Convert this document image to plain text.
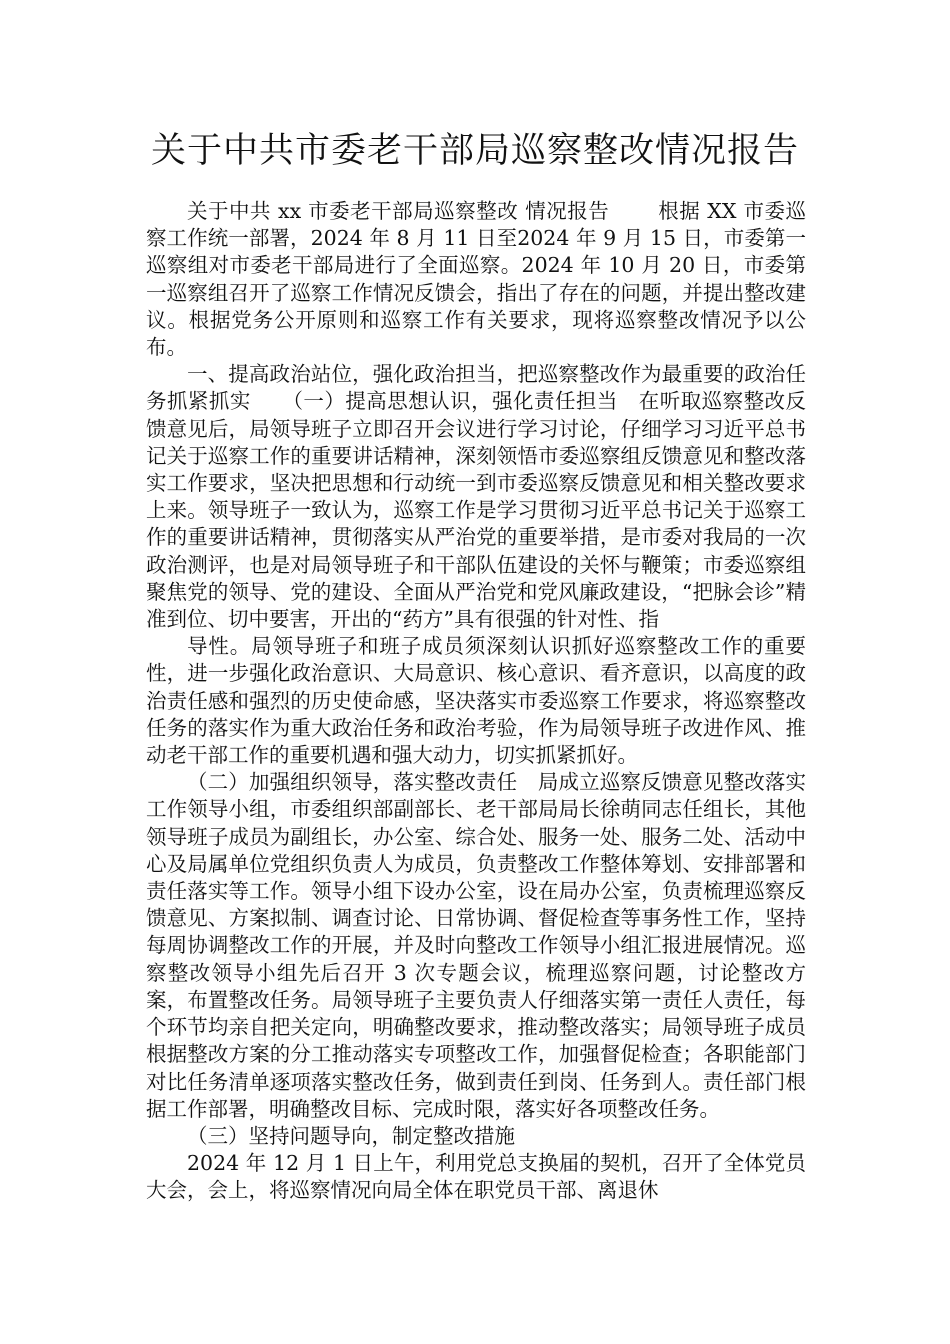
关于中共市委老干部局巡察整改情况报告

关于中共 xx 市委老干部局巡察整改 情况报告　　 根据 XX 市委巡察工作统一部署，2024 年 8 月 11 日至2024 年 9 月 15 日，市委第一巡察组对市委老干部局进行了全面巡察。2024 年 10 月 20 日，市委第一巡察组召开了巡察工作情况反馈会，指出了存在的问题，并提出整改建议。根据党务公开原则和巡察工作有关要求，现将巡察整改情况予以公布。

一、提高政治站位，强化政治担当，把巡察整改作为最重要的政治任务抓紧抓实　　（一）提高思想认识，强化责任担当　在听取巡察整改反馈意见后，局领导班子立即召开会议进行学习讨论，仔细学习习近平总书记关于巡察工作的重要讲话精神，深刻领悟市委巡察组反馈意见和整改落实工作要求，坚决把思想和行动统一到市委巡察反馈意见和相关整改要求上来。领导班子一致认为，巡察工作是学习贯彻习近平总书记关于巡察工作的重要讲话精神，贯彻落实从严治党的重要举措，是市委对我局的一次政治测评，也是对局领导班子和干部队伍建设的关怀与鞭策；市委巡察组聚焦党的领导、党的建设、全面从严治党和党风廉政建设，“把脉会诊”精准到位、切中要害，开出的“药方”具有很强的针对性、指

导性。局领导班子和班子成员须深刻认识抓好巡察整改工作的重要性，进一步强化政治意识、大局意识、核心意识、看齐意识，以高度的政治责任感和强烈的历史使命感，坚决落实市委巡察工作要求，将巡察整改任务的落实作为重大政治任务和政治考验，作为局领导班子改进作风、推动老干部工作的重要机遇和强大动力，切实抓紧抓好。

（二）加强组织领导，落实整改责任　局成立巡察反馈意见整改落实工作领导小组，市委组织部副部长、老干部局局长徐萌同志任组长，其他领导班子成员为副组长，办公室、综合处、服务一处、服务二处、活动中心及局属单位党组织负责人为成员，负责整改工作整体筹划、安排部署和责任落实等工作。领导小组下设办公室，设在局办公室，负责梳理巡察反馈意见、方案拟制、调查讨论、日常协调、督促检查等事务性工作，坚持每周协调整改工作的开展，并及时向整改工作领导小组汇报进展情况。巡察整改领导小组先后召开 3 次专题会议，梳理巡察问题，讨论整改方案，布置整改任务。局领导班子主要负责人仔细落实第一责任人责任，每个环节均亲自把关定向，明确整改要求，推动整改落实；局领导班子成员根据整改方案的分工推动落实专项整改工作，加强督促检查；各职能部门对比任务清单逐项落实整改任务，做到责任到岗、任务到人。责任部门根据工作部署，明确整改目标、完成时限，落实好各项整改任务。

（三）坚持问题导向，制定整改措施

2024 年 12 月 1 日上午，利用党总支换届的契机，召开了全体党员大会，会上，将巡察情况向局全体在职党员干部、离退休
